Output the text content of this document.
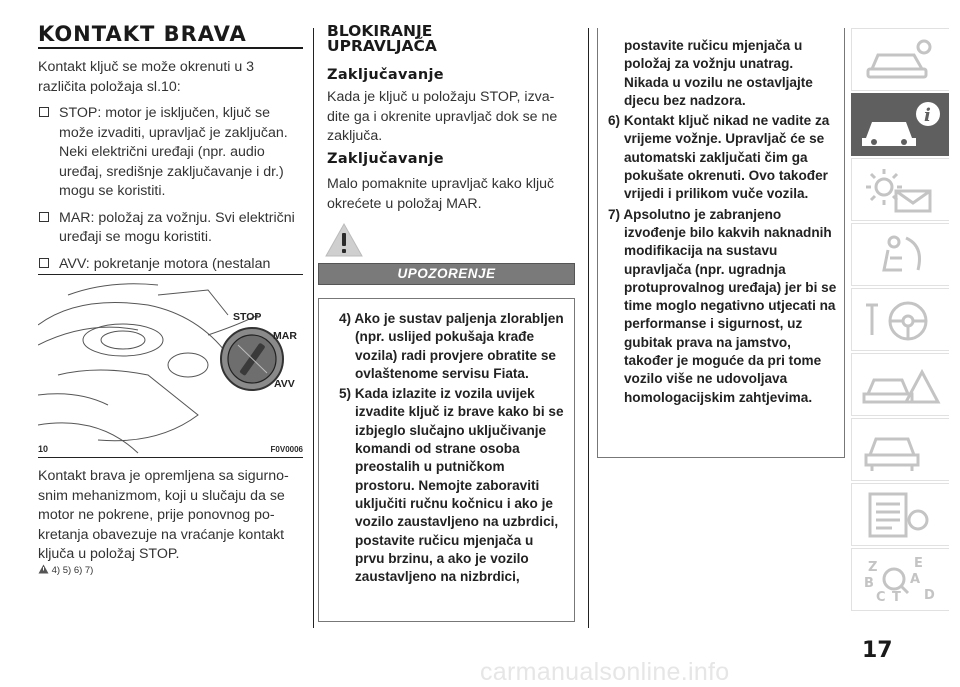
KONTAKT BRAVA

Kontakt ključ se može okrenuti u 3 različita položaja sl.10:

STOP: motor je isključen, ključ se može izvaditi, upravljač je zaključan. Neki električni uređaji (npr. audio uređaj, središnje zaključavanje i dr.) mogu se koristiti.
MAR: položaj za vožnju. Svi električni uređaji se mogu koristiti.
AVV: pokretanje motora (nestalan
STOP
MAR
AVV
10	F0V0006
Kontakt brava je opremljena sa sigurno-snim mehanizmom, koji u slučaju da se motor ne pokrene, prije ponovnog po-kretanja obavezuje na vraćanje kontakt ključa u položaj STOP.
4) 5) 6) 7)
BLOKIRANJE
UPRAVLJAČA
Zaključavanje
Kada je ključ u položaju STOP, izva-dite ga i okrenite upravljač dok se ne zaključa.
Zaključavanje
Malo pomaknite upravljač kako ključ okrećete u položaj MAR.
UPOZORENJE

4) Ako je sustav paljenja zlorabljen (npr. uslijed pokušaja krađe vozila) radi provjere obratite se ovlaštenome servisu Fiata.

5) Kada izlazite iz vozila uvijek izvadite ključ iz brave kako bi se izbjeglo slučajno uključivanje komandi od strane osoba preostalih u putničkom prostoru. Nemojte zaboraviti uključiti ručnu kočnicu i ako je vozilo zaustavljeno na uzbrdici, postavite ručicu mjenjača u prvu brzinu, a ako je vozilo zaustavljeno na nizbrdici,

postavite ručicu mjenjača u položaj za vožnju unatrag. Nikada u vozilu ne ostavljajte djecu bez nadzora.

6) Kontakt ključ nikad ne vadite za vrijeme vožnje. Upravljač će se automatski zaključati čim ga pokušate okrenuti. Ovo također vrijedi i prilikom vuče vozila.

7) Apsolutno je zabranjeno izvođenje bilo kakvih naknadnih modifikacija na sustavu upravljača (npr. ugradnja protuprovalnog uređaja) jer bi se time moglo negativno utjecati na performanse i sigurnost, uz gubitak prava na jamstvo, također je moguće da pri tome vozilo više ne udovoljava homologacijskim zahtjevima.

i
Z	E
A
B
C T D
17
carmanualsonline.info
